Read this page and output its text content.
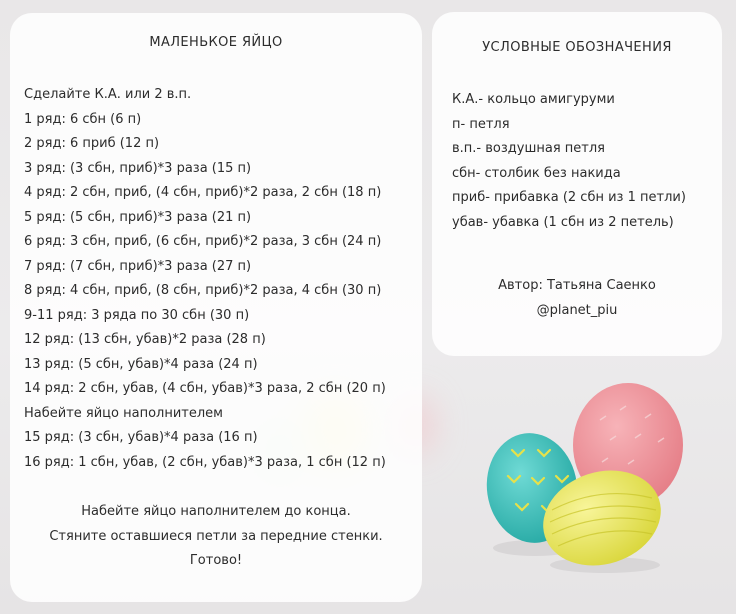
МАЛЕНЬКОЕ ЯЙЦО
Сделайте К.А. или 2 в.п.
1 ряд: 6 сбн (6 п)
2 ряд: 6 приб (12 п)
3 ряд: (3 сбн, приб)*3 раза (15 п)
4 ряд: 2 сбн, приб, (4 сбн, приб)*2 раза, 2 сбн (18 п)
5 ряд: (5 сбн, приб)*3 раза (21 п)
6 ряд: 3 сбн, приб, (6 сбн, приб)*2 раза, 3 сбн (24 п)
7 ряд: (7 сбн, приб)*3 раза (27 п)
8 ряд: 4 сбн, приб, (8 сбн, приб)*2 раза, 4 сбн (30 п)
9-11 ряд: 3 ряда по 30 сбн (30 п)
12 ряд: (13 сбн, убав)*2 раза (28 п)
13 ряд: (5 сбн, убав)*4 раза (24 п)
14 ряд: 2 сбн, убав, (4 сбн, убав)*3 раза, 2 сбн (20 п)
Набейте яйцо наполнителем
15 ряд: (3 сбн, убав)*4 раза (16 п)
16 ряд: 1 сбн, убав, (2 сбн, убав)*3 раза, 1 сбн (12 п)
Набейте яйцо наполнителем до конца.
Стяните оставшиеся петли за передние стенки.
Готово!
УСЛОВНЫЕ ОБОЗНАЧЕНИЯ
К.А.- кольцо амигуруми
п- петля
в.п.- воздушная петля
сбн- столбик без накида
приб- прибавка (2 сбн из 1 петли)
убав- убавка (1 сбн из 2 петель)
Автор: Татьяна Саенко
@planet_piu
